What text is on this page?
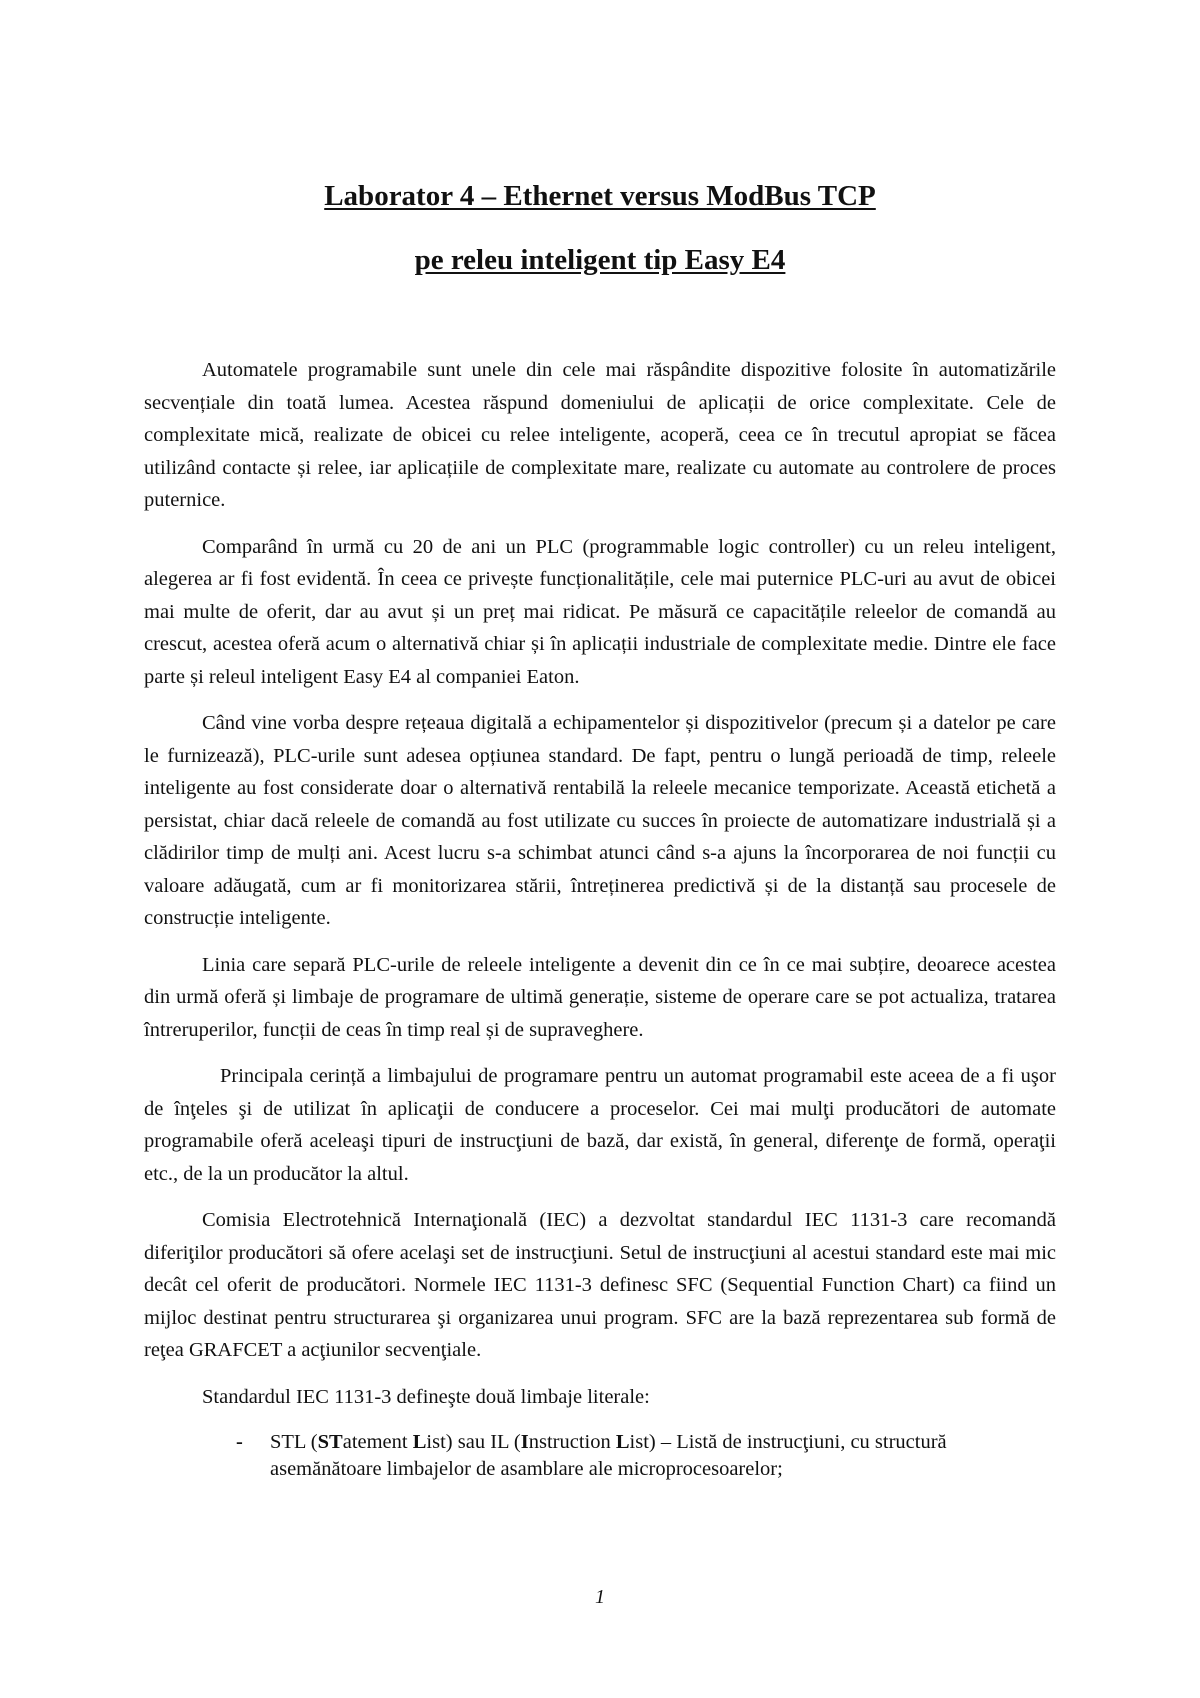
Laborator 4 – Ethernet versus ModBus TCP
pe releu inteligent tip Easy E4

Automatele programabile sunt unele din cele mai răspândite dispozitive folosite în automatizările secvențiale din toată lumea. Acestea răspund domeniului de aplicații de orice complexitate. Cele de complexitate mică, realizate de obicei cu relee inteligente, acoperă, ceea ce în trecutul apropiat se făcea utilizând contacte și relee, iar aplicațiile de complexitate mare, realizate cu automate au controlere de proces puternice.

Comparând în urmă cu 20 de ani un PLC (programmable logic controller) cu un releu inteligent, alegerea ar fi fost evidentă. În ceea ce privește funcționalitățile, cele mai puternice PLC-uri au avut de obicei mai multe de oferit, dar au avut și un preț mai ridicat. Pe măsură ce capacitățile releelor de comandă au crescut, acestea oferă acum o alternativă chiar și în aplicații industriale de complexitate medie. Dintre ele face parte și releul inteligent Easy E4 al companiei Eaton.

Când vine vorba despre rețeaua digitală a echipamentelor și dispozitivelor (precum și a datelor pe care le furnizează), PLC-urile sunt adesea opțiunea standard. De fapt, pentru o lungă perioadă de timp, releele inteligente au fost considerate doar o alternativă rentabilă la releele mecanice temporizate. Această etichetă a persistat, chiar dacă releele de comandă au fost utilizate cu succes în proiecte de automatizare industrială și a clădirilor timp de mulți ani. Acest lucru s-a schimbat atunci când s-a ajuns la încorporarea de noi funcții cu valoare adăugată, cum ar fi monitorizarea stării, întreținerea predictivă și de la distanță sau procesele de construcție inteligente.

Linia care separă PLC-urile de releele inteligente a devenit din ce în ce mai subțire, deoarece acestea din urmă oferă și limbaje de programare de ultimă generație, sisteme de operare care se pot actualiza, tratarea întreruperilor, funcții de ceas în timp real și de supraveghere.

Principala cerință a limbajului de programare pentru un automat programabil este aceea de a fi uşor de înţeles şi de utilizat în aplicaţii de conducere a proceselor. Cei mai mulţi producători de automate programabile oferă aceleaşi tipuri de instrucţiuni de bază, dar există, în general, diferenţe de formă, operaţii etc., de la un producător la altul.

Comisia Electrotehnică Internaţională (IEC) a dezvoltat standardul IEC 1131-3 care recomandă diferiţilor producători să ofere acelaşi set de instrucţiuni. Setul de instrucţiuni al acestui standard este mai mic decât cel oferit de producători. Normele IEC 1131-3 definesc SFC (Sequential Function Chart) ca fiind un mijloc destinat pentru structurarea şi organizarea unui program. SFC are la bază reprezentarea sub formă de reţea GRAFCET a acţiunilor secvenţiale.

Standardul IEC 1131-3 defineşte două limbaje literale:

- STL (STatement List) sau IL (Instruction List) – Listă de instrucţiuni, cu structură asemănătoare limbajelor de asamblare ale microprocesoarelor;
1
